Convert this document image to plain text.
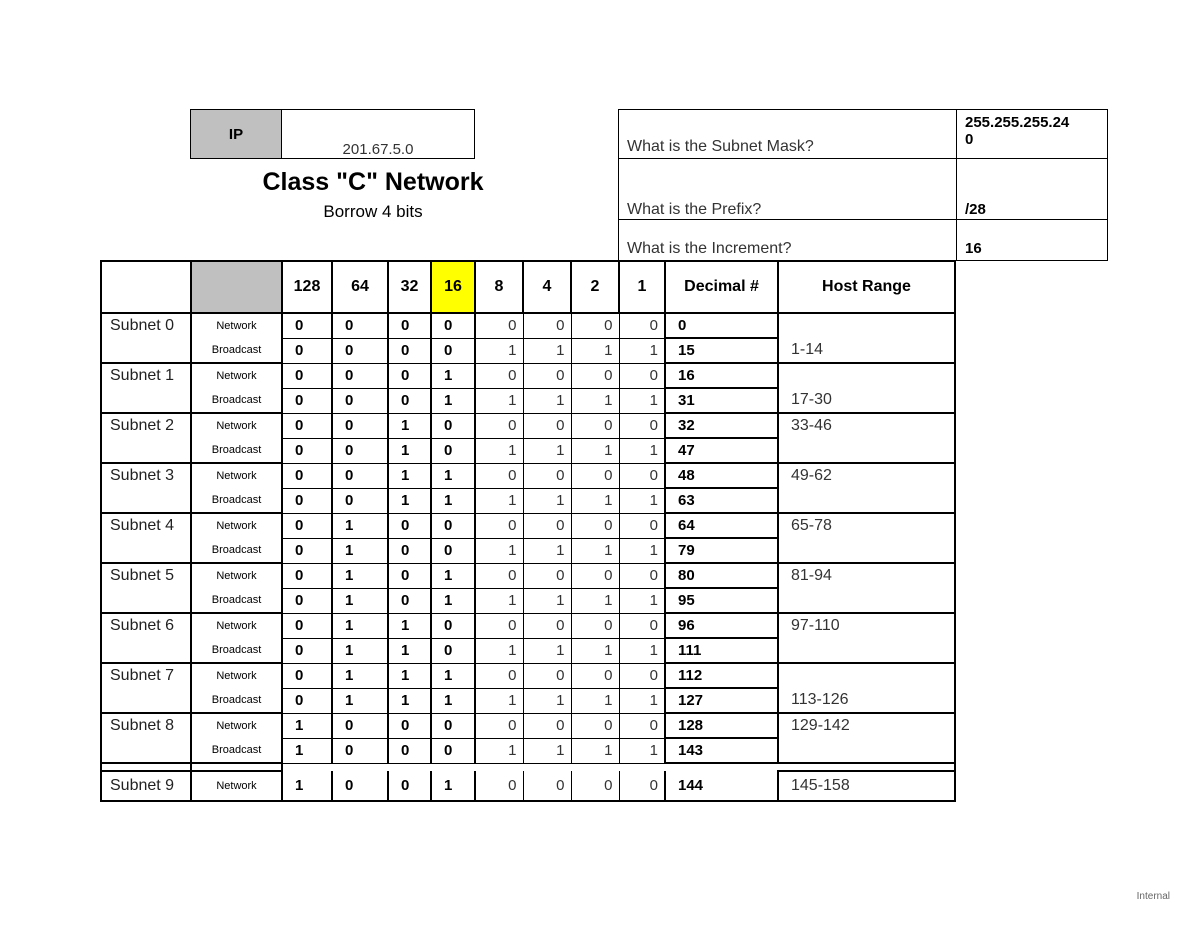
IP
201.67.5.0
Class "C" Network
Borrow 4 bits
What is the Subnet Mask?
255.255.255.24
0
What is the Prefix?	/28
What is the Increment?	16
		128	64	32	16	8	4	2	1	Decimal #	Host Range
Subnet 0	Network	0	0	0	0	0	0	0	0	0	
	Broadcast	0	0	0	0	1	1	1	1	15	1-14
Subnet 1	Network	0	0	0	1	0	0	0	0	16	
	Broadcast	0	0	0	1	1	1	1	1	31	17-30
Subnet 2	Network	0	0	1	0	0	0	0	0	32	33-46
	Broadcast	0	0	1	0	1	1	1	1	47	
Subnet 3	Network	0	0	1	1	0	0	0	0	48	49-62
	Broadcast	0	0	1	1	1	1	1	1	63	
Subnet 4	Network	0	1	0	0	0	0	0	0	64	65-78
	Broadcast	0	1	0	0	1	1	1	1	79	
Subnet 5	Network	0	1	0	1	0	0	0	0	80	81-94
	Broadcast	0	1	0	1	1	1	1	1	95	
Subnet 6	Network	0	1	1	0	0	0	0	0	96	97-110
	Broadcast	0	1	1	0	1	1	1	1	111	
Subnet 7	Network	0	1	1	1	0	0	0	0	112	
	Broadcast	0	1	1	1	1	1	1	1	127	113-126
Subnet 8	Network	1	0	0	0	0	0	0	0	128	129-142
	Broadcast	1	0	0	0	1	1	1	1	143	

Subnet 9	Network	1	0	0	1	0	0	0	0	144	145-158
Internal
